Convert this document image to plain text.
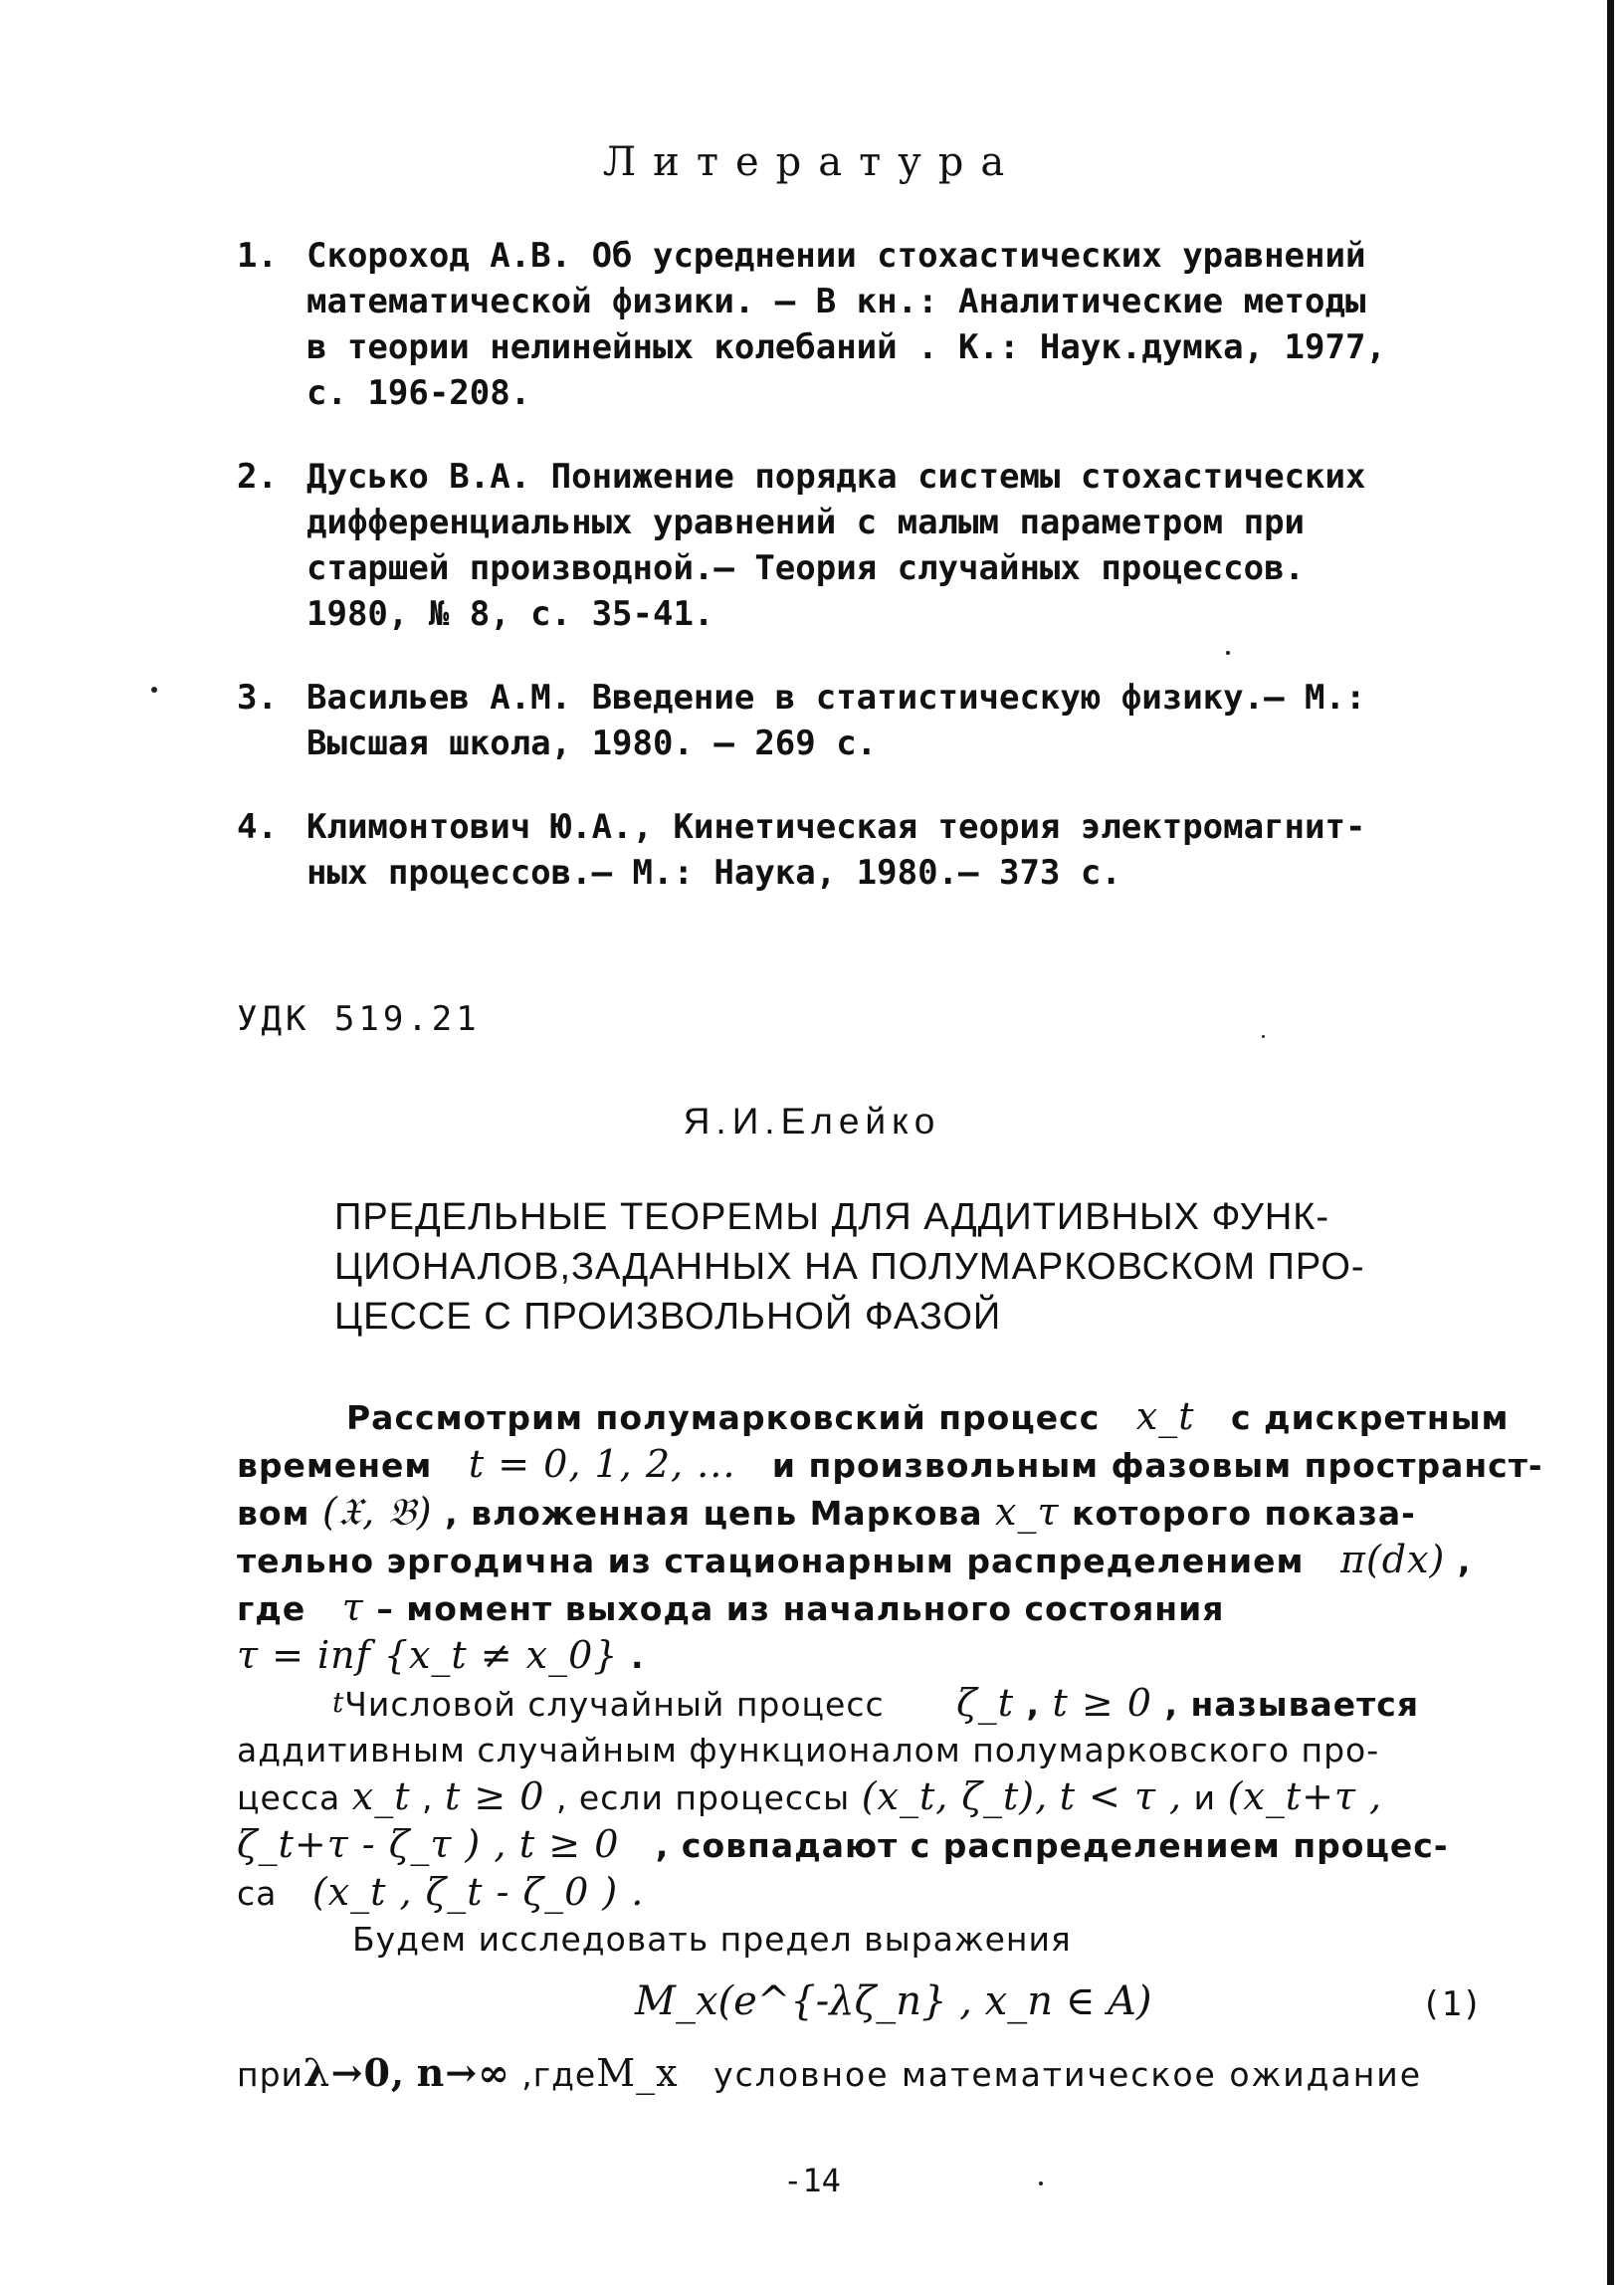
Литература
1. Скороход А.В. Об усреднении стохастических уравнений
математической физики. – В кн.: Аналитические методы
в теории нелинейных колебаний . К.: Наук.думка, 1977,
с. 196-208.
2. Дусько В.А. Понижение порядка системы стохастических
дифференциальных уравнений с малым параметром при
старшей производной.– Теория случайных процессов.
1980, № 8, с. 35-41.
3. Васильев А.М. Введение в статистическую физику.– М.:
Высшая школа, 1980. – 269 с.
4. Климонтович Ю.А., Кинетическая теория электромагнит-
ных процессов.– М.: Наука, 1980.– 373 с.
УДК 519.21
Я.И.Елейко
ПРЕДЕЛЬНЫЕ ТЕОРЕМЫ ДЛЯ АДДИТИВНЫХ ФУНК-
ЦИОНАЛОВ,ЗАДАННЫХ НА ПОЛУМАРКОВСКОМ ПРО-
ЦЕССЕ С ПРОИЗВОЛЬНОЙ ФАЗОЙ
Рассмотрим полумарковский процесс x_t с дискретным
временем t = 0, 1, 2, ... и произвольным фазовым пространст-
вом (𝔛, 𝔅) , вложенная цепь Маркова x_τ которого показа-
тельно эргодична из стационарным распределением π(dx) ,
где τ – момент выхода из начального состояния
τ = inf {x_t ≠ x_0} .
$^t$Числовой случайный процесс ζ_t , t ≥ 0 , называется
аддитивным случайным функционалом полумарковского про-
цесса x_t , t ≥ 0 , если процессы (x_t, ζ_t), t < τ , и (x_t+τ ,
ζ_t+τ - ζ_τ ) , t ≥ 0 , совпадают с распределением процес-
са (x_t , ζ_t - ζ_0 ) .
Будем исследовать предел выражения
M_x(e^{-λζ_n} , x_n ∈ A)	(1)
приλ→0, n→∞ ,гдеM_x условное математическое ожидание
-14
